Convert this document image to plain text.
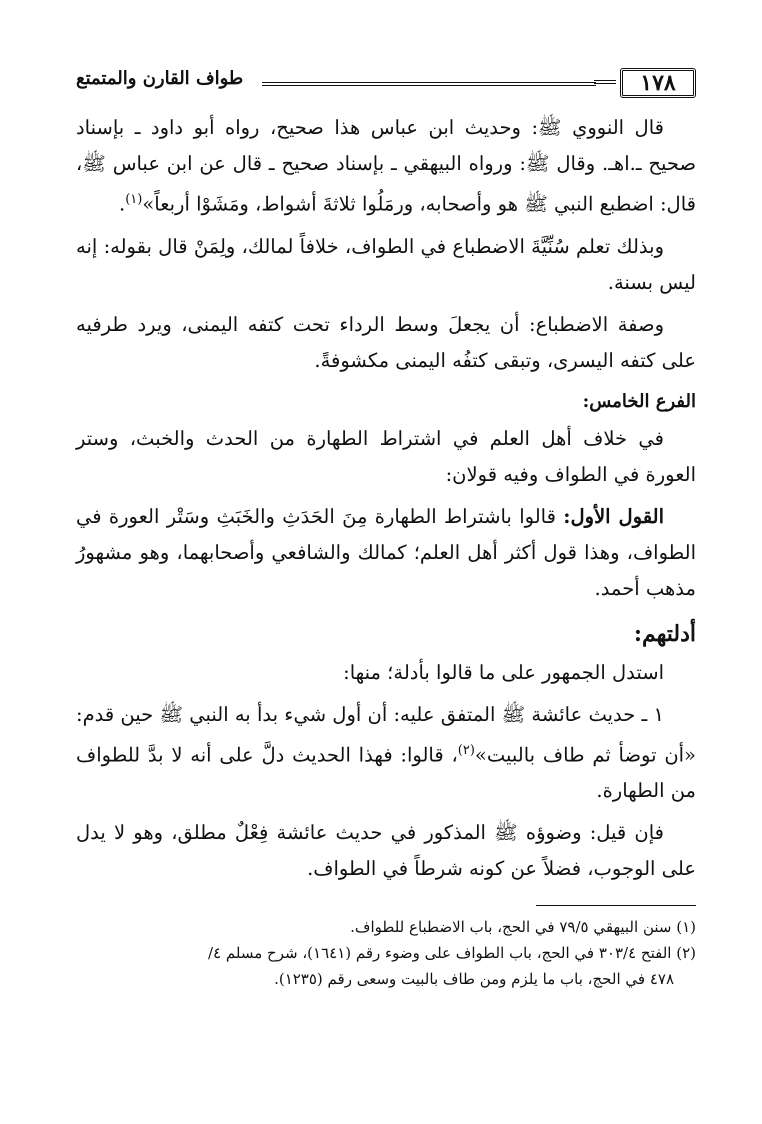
١٧٨
طواف القارن والمتمتع

قال النووي ﷺ: وحديث ابن عباس هذا صحيح، رواه أبو داود ـ بإسناد صحيح ـ.اهـ. وقال ﷺ: ورواه البيهقي ـ بإسناد صحيح ـ قال عن ابن عباس ﷺ، قال: اضطبع النبي ﷺ هو وأصحابه، ورمَلُوا ثلاثةَ أشواط، ومَشَوْا أربعاً»$^{(١)}$.

وبذلك تعلم سُنِّيَّةَ الاضطباع في الطواف، خلافاً لمالك، ولِمَنْ قال بقوله: إنه ليس بسنة.

وصفة الاضطباع: أن يجعلَ وسط الرداء تحت كتفه اليمنى، ويرد طرفيه على كتفه اليسرى، وتبقى كتفُه اليمنى مكشوفةً.

الفرع الخامس:

في خلاف أهل العلم في اشتراط الطهارة من الحدث والخبث، وستر العورة في الطواف وفيه قولان:

القول الأول: قالوا باشتراط الطهارة مِنَ الحَدَثِ والخَبَثِ وسَتْر العورة في الطواف، وهذا قول أكثر أهل العلم؛ كمالك والشافعي وأصحابهما، وهو مشهورُ مذهب أحمد.

أدلتهم:

استدل الجمهور على ما قالوا بأدلة؛ منها:

١ ـ حديث عائشة ﷺ المتفق عليه: أن أول شيء بدأ به النبي ﷺ حين قدم: «أن توضأ ثم طاف بالبيت»$^{(٢)}$، قالوا: فهذا الحديث دلَّ على أنه لا بدَّ للطواف من الطهارة.

فإن قيل: وضوؤه ﷺ المذكور في حديث عائشة فِعْلٌ مطلق، وهو لا يدل على الوجوب، فضلاً عن كونه شرطاً في الطواف.

(١) سنن البيهقي ٧٩/٥ في الحج، باب الاضطباع للطواف.

(٢) الفتح ٣٠٣/٤ في الحج، باب الطواف على وضوء رقم (١٦٤١)، شرح مسلم ٤/

٤٧٨ في الحج، باب ما يلزم ومن طاف بالبيت وسعى رقم (١٢٣٥).
